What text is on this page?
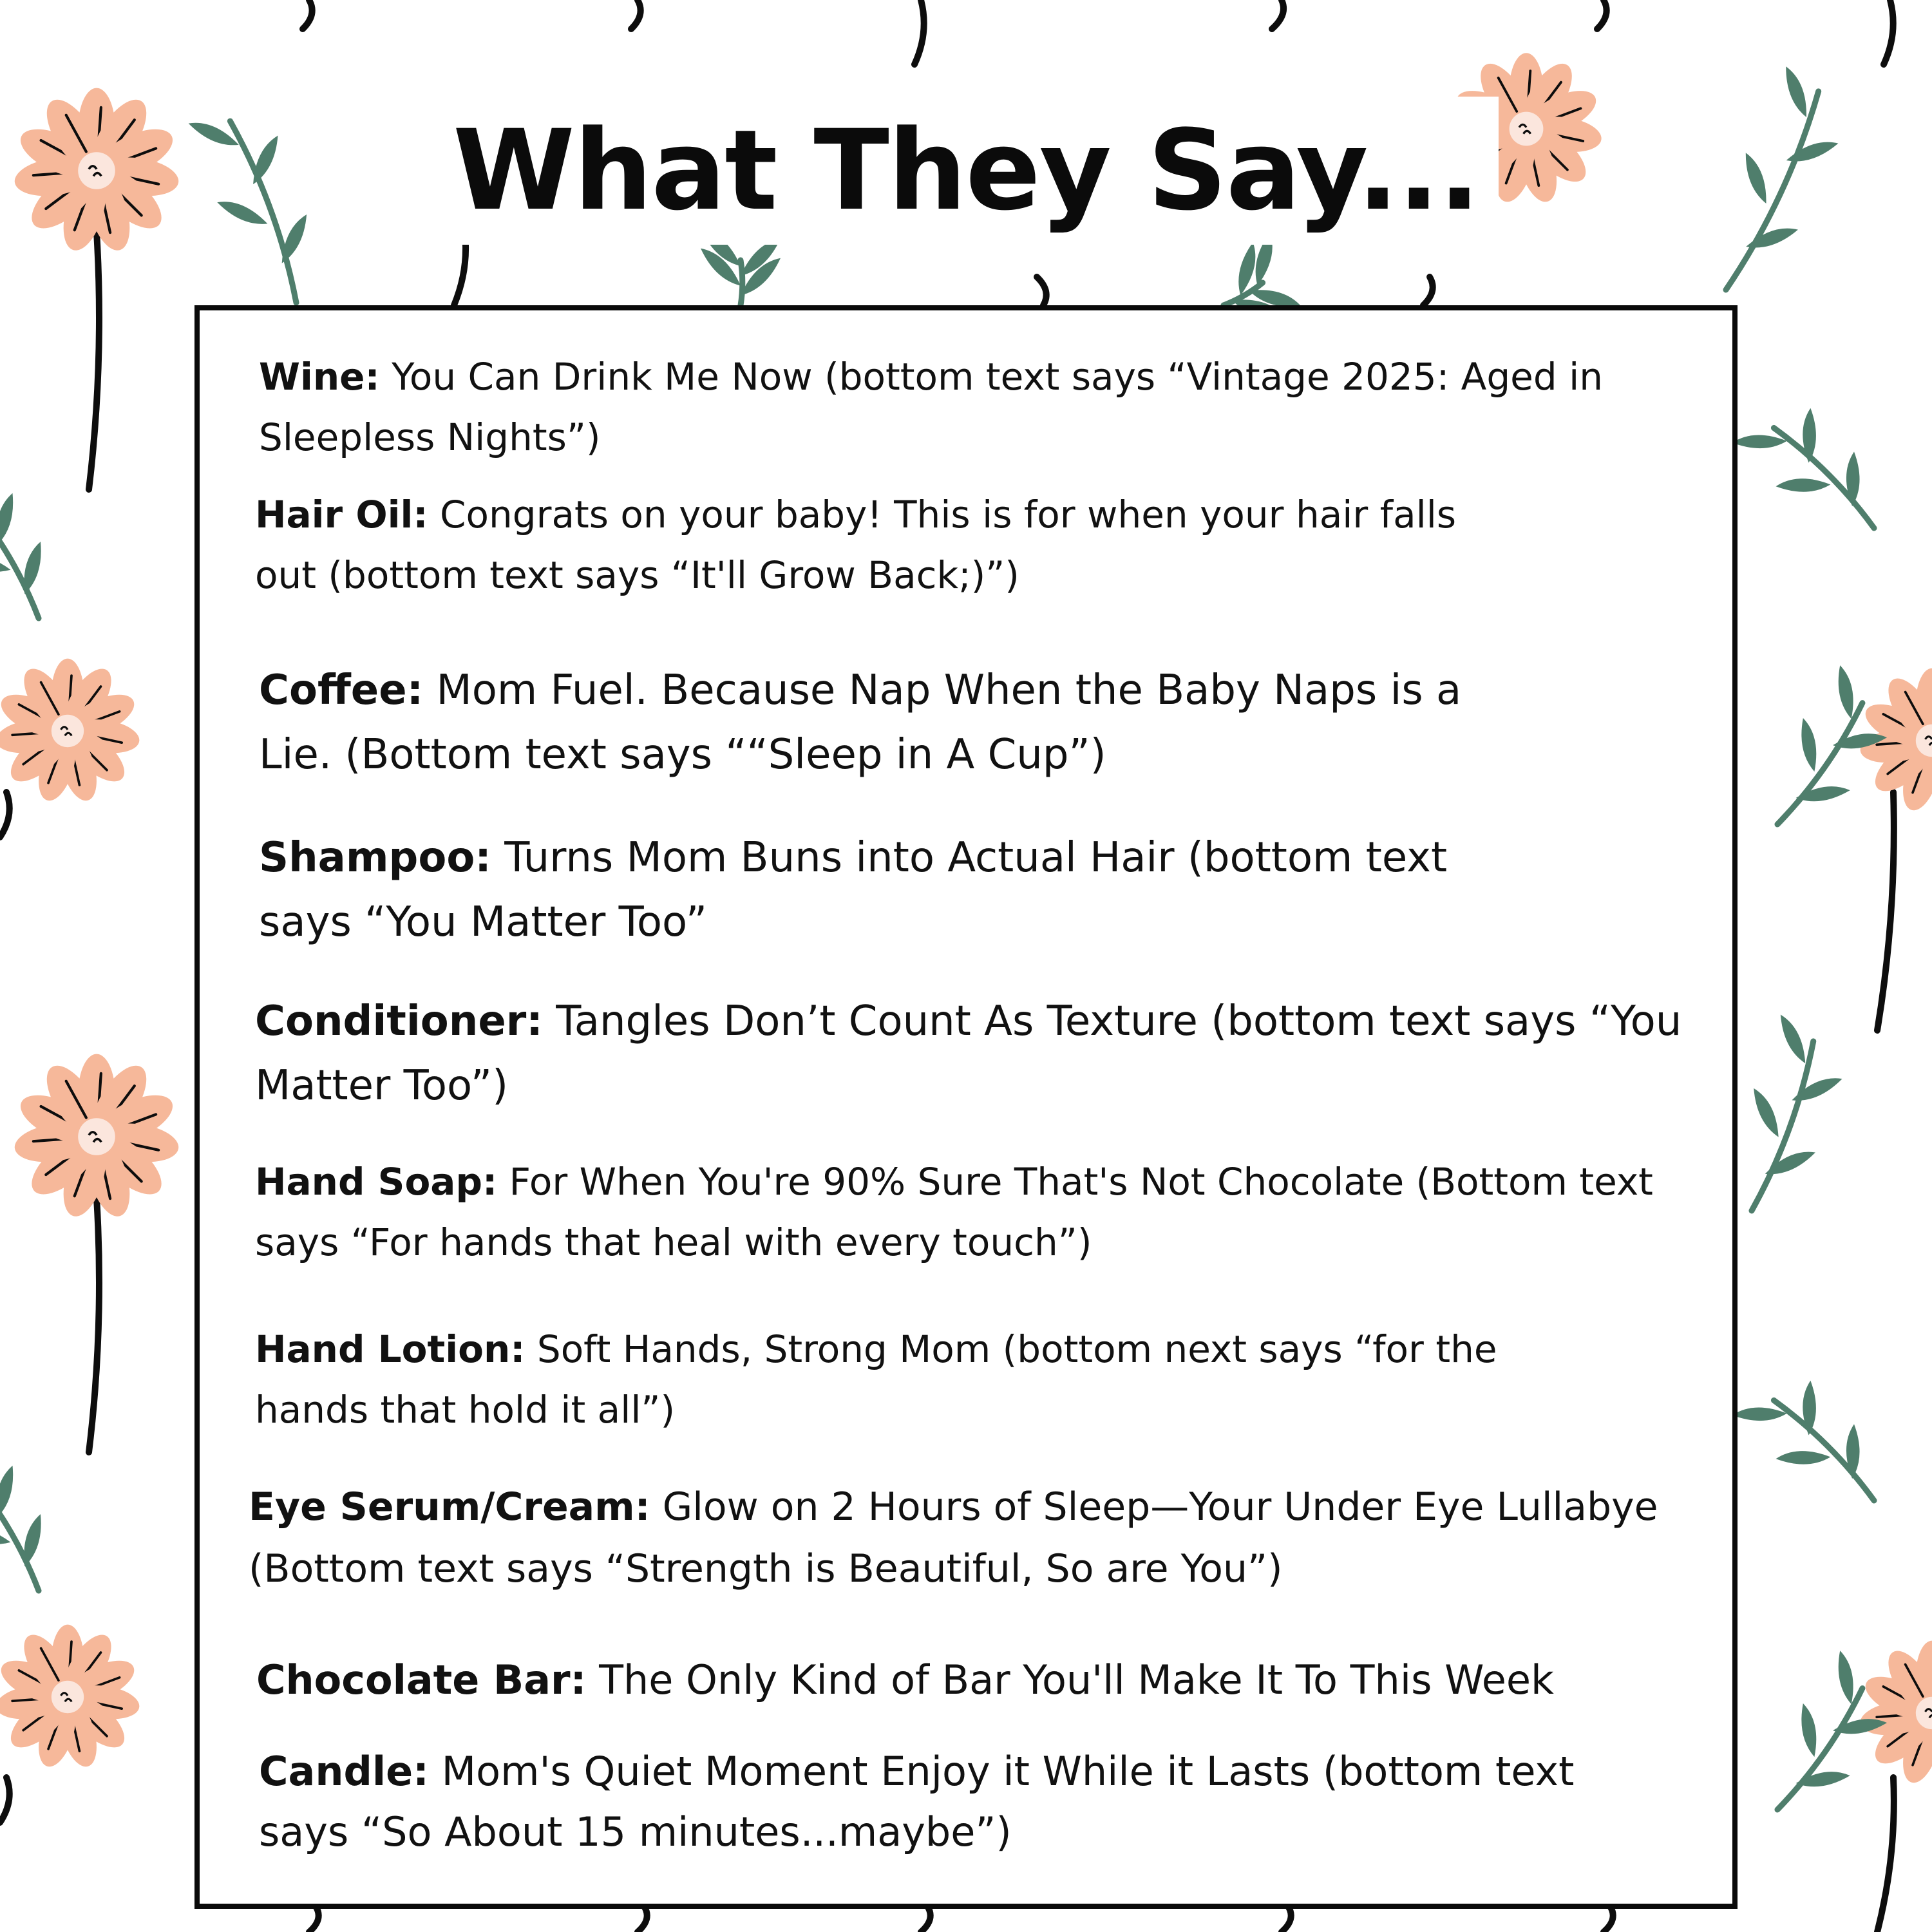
What They Say...

Wine: You Can Drink Me Now (bottom text says “Vintage 2025: Aged in Sleepless Nights”)

Hair Oil: Congrats on your baby! This is for when your hair falls out (bottom text says “It'll Grow Back;)”)

Coffee: Mom Fuel. Because Nap When the Baby Naps is a Lie. (Bottom text says ““Sleep in A Cup”)

Shampoo: Turns Mom Buns into Actual Hair (bottom text says “You Matter Too”

Conditioner: Tangles Don’t Count As Texture (bottom text says “You Matter Too”)

Hand Soap: For When You're 90% Sure That's Not Chocolate (Bottom text says “For hands that heal with every touch”)

Hand Lotion: Soft Hands, Strong Mom (bottom next says “for the hands that hold it all”)

Eye Serum/Cream: Glow on 2 Hours of Sleep—Your Under Eye Lullabye (Bottom text says “Strength is Beautiful, So are You”)

Chocolate Bar: The Only Kind of Bar You'll Make It To This Week

Candle: Mom's Quiet Moment Enjoy it While it Lasts (bottom text says “So About 15 minutes...maybe”)
